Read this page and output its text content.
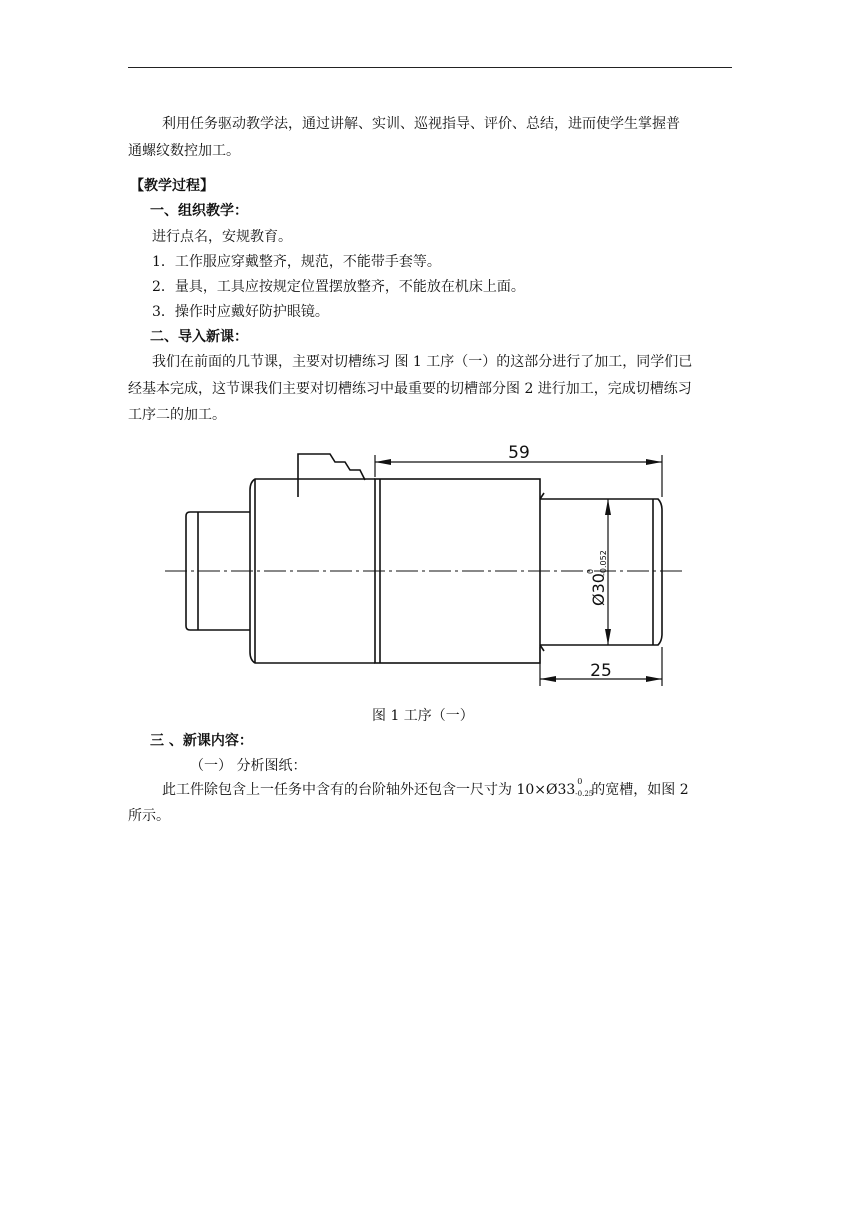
利用任务驱动教学法，通过讲解、实训、巡视指导、评价、总结，进而使学生掌握普
通螺纹数控加工。
【教学过程】
一、组织教学：
进行点名，安规教育。
1．工作服应穿戴整齐，规范，不能带手套等。
2．量具，工具应按规定位置摆放整齐，不能放在机床上面。
3．操作时应戴好防护眼镜。
二、导入新课：
我们在前面的几节课，主要对切槽练习 图 1 工序（一）的这部分进行了加工，同学们已
经基本完成，这节课我们主要对切槽练习中最重要的切槽部分图 2 进行加工，完成切槽练习
工序二的加工。
59
Ø30
0 -0.052
25
图 1 工序（一）
三 、新课内容：
（一） 分析图纸：
此工件除包含上一任务中含有的台阶轴外还包含一尺寸为 10×Ø33
0
-0.25
的宽槽，如图 2
所示。
